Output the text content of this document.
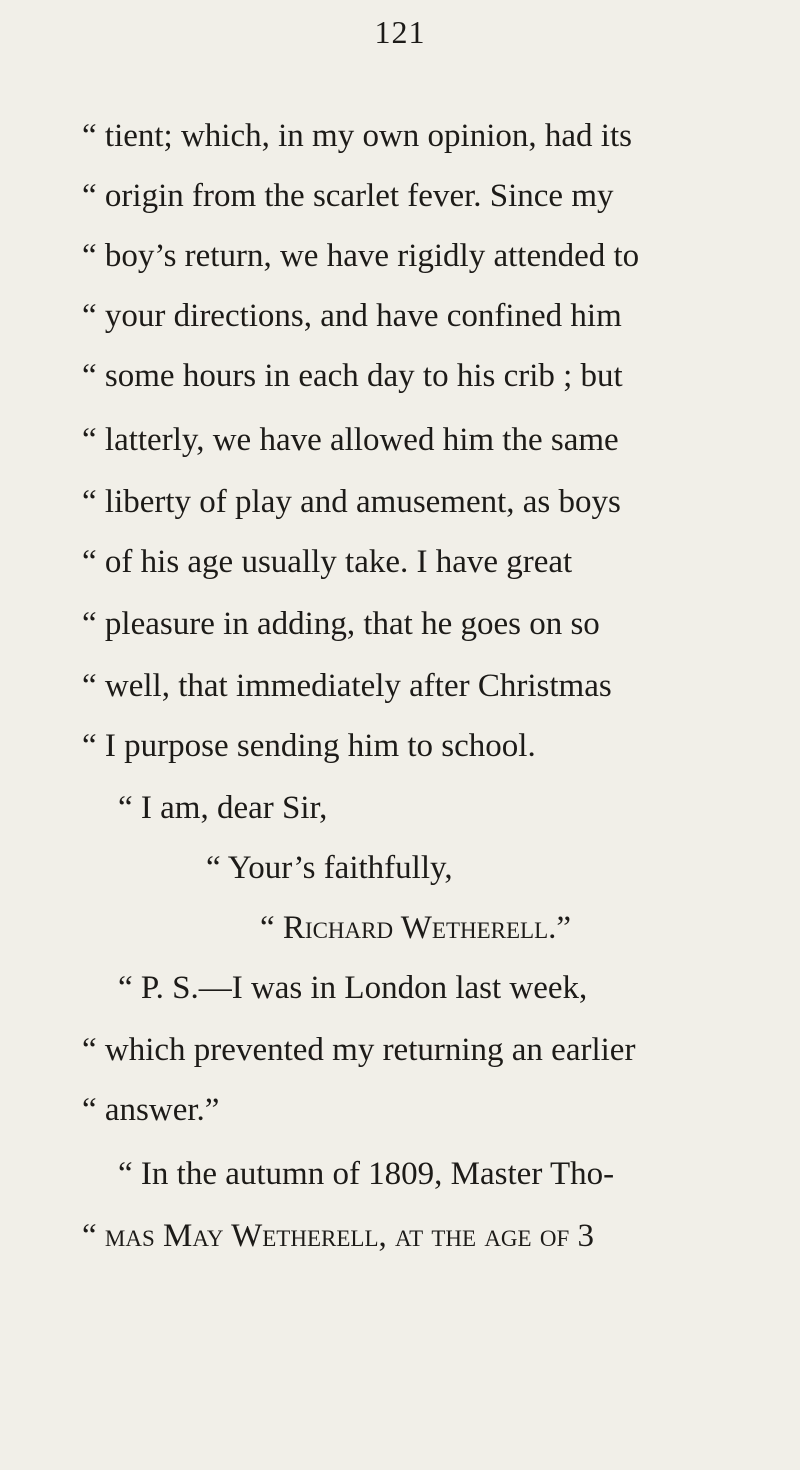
121
“ tient; which, in my own opinion, had its
“ origin from the scarlet fever. Since my
“ boy’s return, we have rigidly attended to
“ your directions, and have confined him
“ some hours in each day to his crib ; but
“ latterly, we have allowed him the same
“ liberty of play and amusement, as boys
“ of his age usually take. I have great
“ pleasure in adding, that he goes on so
“ well, that immediately after Christmas
“ I purpose sending him to school.
“ I am, dear Sir,
“ Your’s faithfully,
“ Richard Wetherell.”
“ P. S.—I was in London last week,
“ which prevented my returning an earlier
“ answer.”
“ In the autumn of 1809, Master Tho-
“ mas May Wetherell, at the age of 3
